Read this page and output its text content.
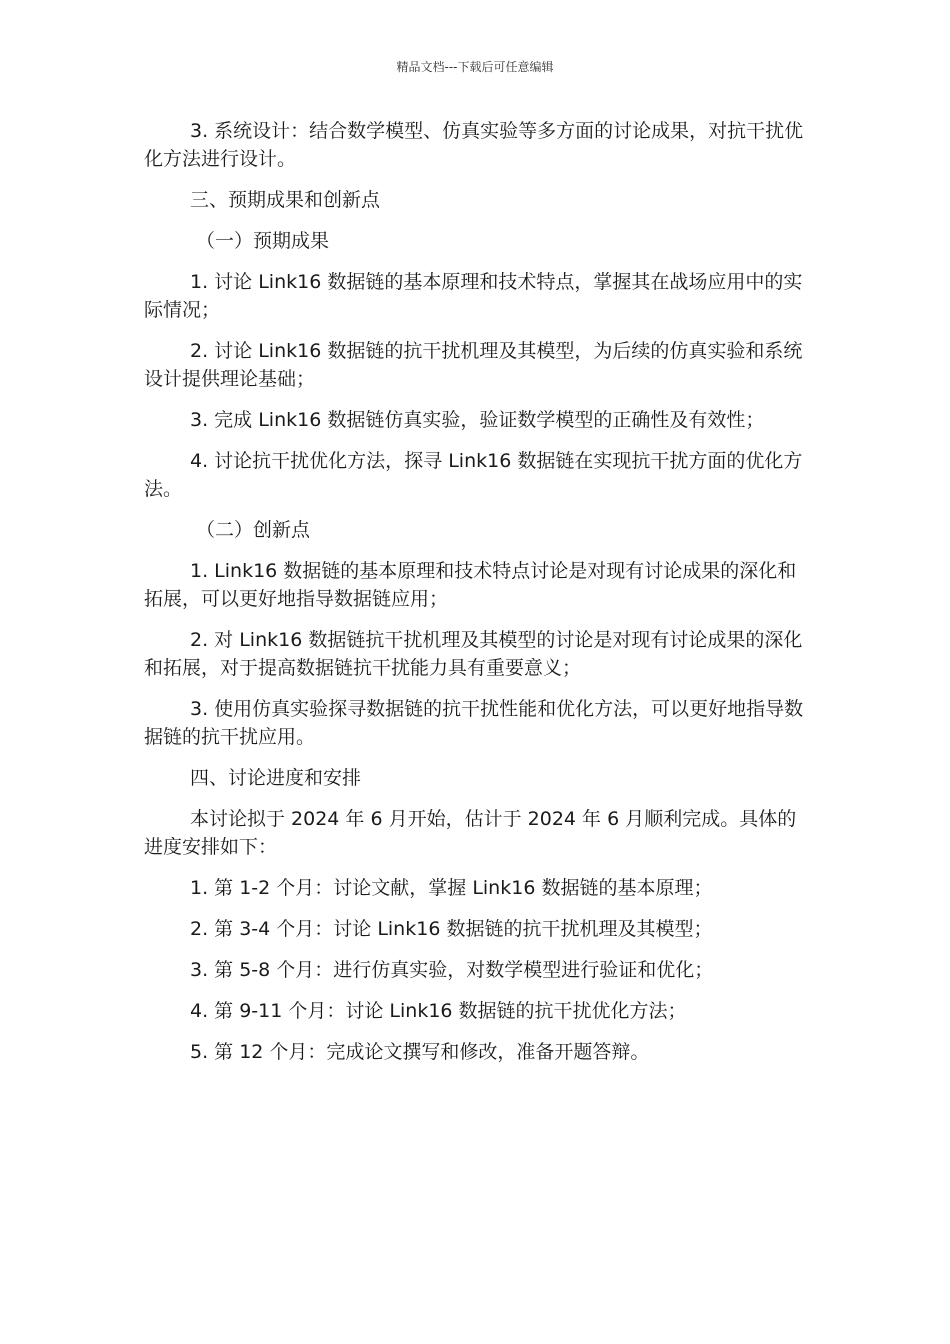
精品文档---下载后可任意编辑

3. 系统设计：结合数学模型、仿真实验等多方面的讨论成果，对抗干扰优化方法进行设计。

三、预期成果和创新点

（一）预期成果

1. 讨论 Link16 数据链的基本原理和技术特点，掌握其在战场应用中的实际情况；

2. 讨论 Link16 数据链的抗干扰机理及其模型，为后续的仿真实验和系统设计提供理论基础；

3. 完成 Link16 数据链仿真实验，验证数学模型的正确性及有效性；

4. 讨论抗干扰优化方法，探寻 Link16 数据链在实现抗干扰方面的优化方法。

（二）创新点

1. Link16 数据链的基本原理和技术特点讨论是对现有讨论成果的深化和拓展，可以更好地指导数据链应用；

2. 对 Link16 数据链抗干扰机理及其模型的讨论是对现有讨论成果的深化和拓展，对于提高数据链抗干扰能力具有重要意义；

3. 使用仿真实验探寻数据链的抗干扰性能和优化方法，可以更好地指导数据链的抗干扰应用。

四、讨论进度和安排

本讨论拟于 2024 年 6 月开始，估计于 2024 年 6 月顺利完成。具体的进度安排如下：

1. 第 1-2 个月：讨论文献，掌握 Link16 数据链的基本原理；

2. 第 3-4 个月：讨论 Link16 数据链的抗干扰机理及其模型；

3. 第 5-8 个月：进行仿真实验，对数学模型进行验证和优化；

4. 第 9-11 个月：讨论 Link16 数据链的抗干扰优化方法；

5. 第 12 个月：完成论文撰写和修改，准备开题答辩。
